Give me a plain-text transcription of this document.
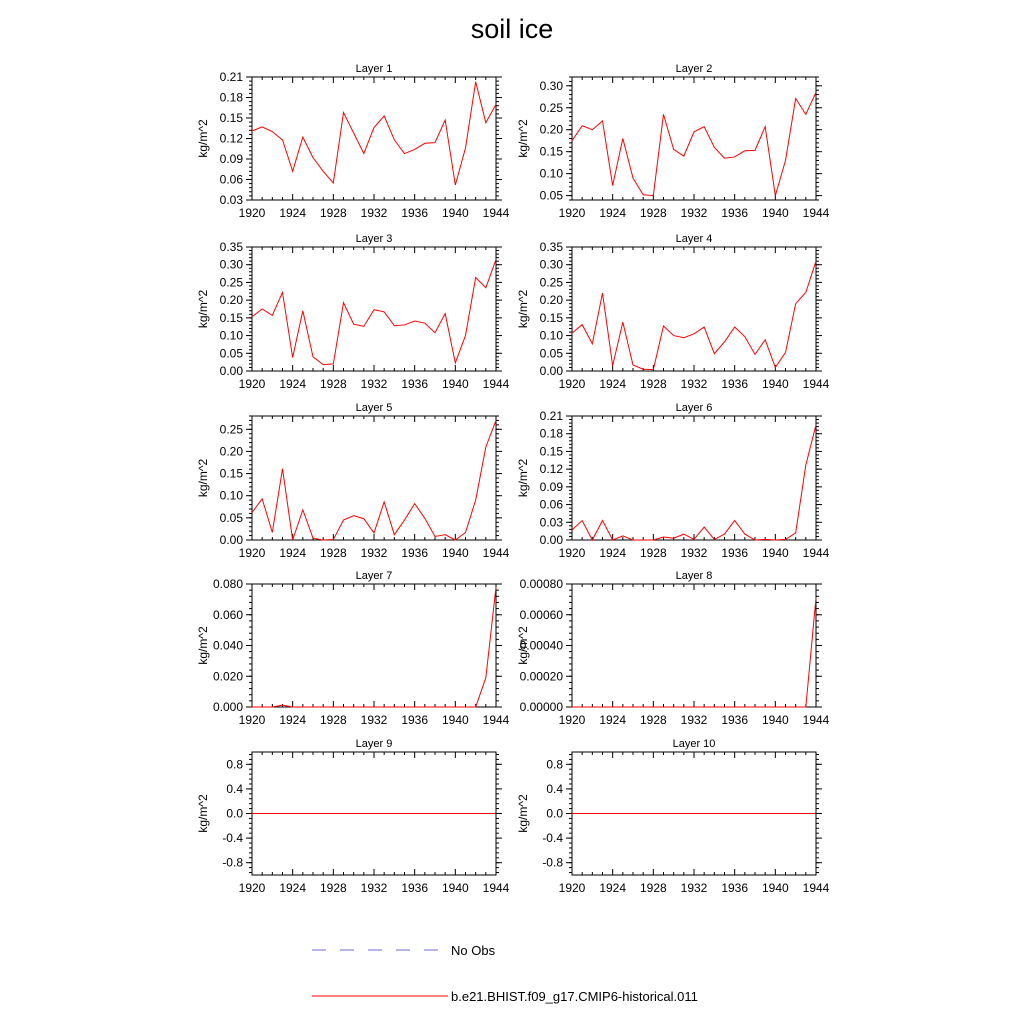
soil ice
Layer 1
kg/m^2
1920 1924 1928 1932 1936 1940 1944
0.03
0.06
0.09
0.12
0.15
0.18
0.21
Layer 2
kg/m^2
1920 1924 1928 1932 1936 1940 1944
0.05
0.10
0.15
0.20
0.25
0.30
Layer 3
kg/m^2
1920 1924 1928 1932 1936 1940 1944
0.00
0.05
0.10
0.15
0.20
0.25
0.30
0.35
Layer 4
kg/m^2
1920 1924 1928 1932 1936 1940 1944
0.00
0.05
0.10
0.15
0.20
0.25
0.30
0.35
Layer 5
kg/m^2
1920 1924 1928 1932 1936 1940 1944
0.00
0.05
0.10
0.15
0.20
0.25
Layer 6
kg/m^2
1920 1924 1928 1932 1936 1940 1944
0.00
0.03
0.06
0.09
0.12
0.15
0.18
0.21
Layer 7
kg/m^2
1920 1924 1928 1932 1936 1940 1944
0.000
0.020
0.040
0.060
0.080
Layer 8
kg/m^2
1920 1924 1928 1932 1936 1940 1944
0.00000
0.00020
0.00040
0.00060
0.00080
Layer 9
kg/m^2
1920 1924 1928 1932 1936 1940 1944
-0.8
-0.4
0.0
0.4
0.8
Layer 10
kg/m^2
1920 1924 1928 1932 1936 1940 1944
-0.8
-0.4
0.0
0.4
0.8
No Obs
b.e21.BHIST.f09_g17.CMIP6-historical.011
